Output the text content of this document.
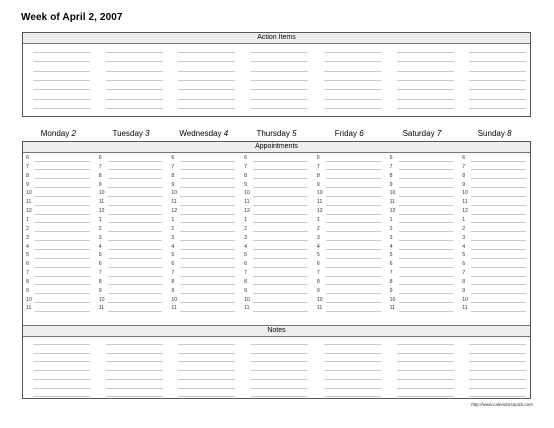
Week of April 2, 2007
Action Items
Monday 2	Tuesday 3	Wednesday 4	Thursday 5	Friday 6	Saturday 7	Sunday 8
Appointments
6	6	6	6	6	6	6
7	7	7	7	7	7	7
8	8	8	8	8	8	8
9	9	9	9	9	9	9
10	10	10	10	10	10	10
11	11	11	11	11	11	11
12	12	12	12	12	12	12
1	1	1	1	1	1	1
2	2	2	2	2	2	2
3	3	3	3	3	3	3
4	4	4	4	4	4	4
5	5	5	5	5	5	5
6	6	6	6	6	6	6
7	7	7	7	7	7	7
8	8	8	8	8	8	8
9	9	9	9	9	9	9
10	10	10	10	10	10	10
11	11	11	11	11	11	11
Notes
http://www.calendarsquick.com
